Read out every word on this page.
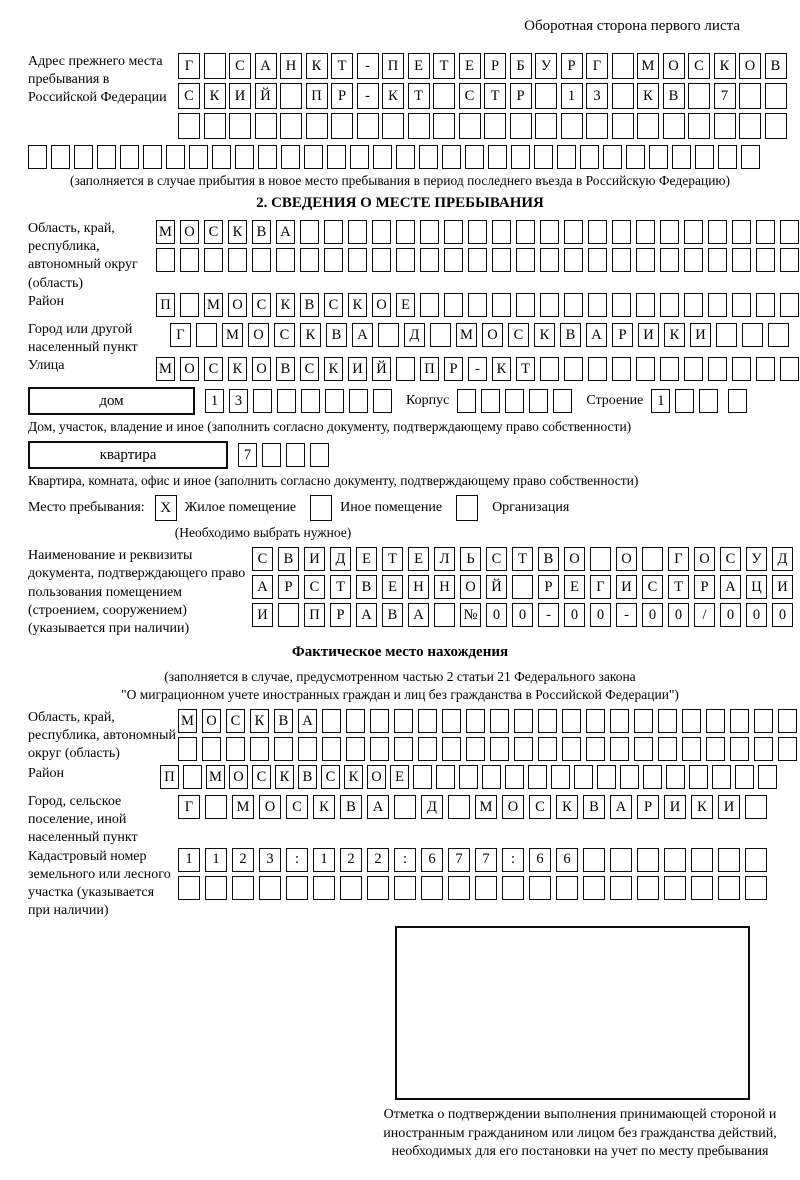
Оборотная сторона первого листа
Адрес прежнего места пребывания в Российской Федерации
Г	С	А	Н	К	Т	-	П	Е	Т	Е	Р	Б	У	Р	Г	М О	С	К	О	В
С	К	И	Й	П	Р	-	К	Т	С	Т	Р	1	3	К	В	7
(заполняется в случае прибытия в новое место пребывания в период последнего въезда в Российскую Федерацию)
2. СВЕДЕНИЯ О МЕСТЕ ПРЕБЫВАНИЯ
Область, край, республика, автономный округ (область)
М О С К В А
Район	П	М О С К В С К О Е
Город или другой населенный пункт
Г	М О	С	К	В	А	Д	М О	С	К	В	А	Р	И	К	И
Улица	М О С К О В С К И Й	П	Р	-	К	Т
дом	1	3	Корпус	Строение 1
Дом, участок, владение и иное (заполнить согласно документу, подтверждающему право собственности)
квартира	7
Квартира, комната, офис и иное (заполнить согласно документу, подтверждающему право собственности)
Место пребывания:	X Жилое помещение	Иное помещение	Организация
(Необходимо выбрать нужное)
Наименование и реквизиты документа, подтверждающего право пользования помещением (строением, сооружением) (указывается при наличии)
С	В	И	Д	Е	Т	Е	Л	Ь	С	Т	В	О	О	Г	О	С	У	Д
А	Р	С	Т	В	Е	Н	Н	О	Й	Р	Е	Г	И	С	Т	Р	А	Ц	И
И	П	Р	А	В	А	№	0	0	-	0	0	-	0	0	/	0	0	0
Фактическое место нахождения
(заполняется в случае, предусмотренном частью 2 статьи 21 Федерального закона
"О миграционном учете иностранных граждан и лиц без гражданства в Российской Федерации")
Область, край, республика, автономный округ (область)
М О С К В А
Район	П М О С К В С К О Е
Город, сельское поселение, иной населенный пункт
Г	М	О	С	К	В	А	Д	М	О	С	К	В	А	Р	И	К	И
Кадастровый номер земельного или лесного участка (указывается при наличии)
1	1	2	3	:	1	2	2	:	6	7	7	:	6	6
Отметка о подтверждении выполнения принимающей стороной и иностранным гражданином или лицом без гражданства действий, необходимых для его постановки на учет по месту пребывания
